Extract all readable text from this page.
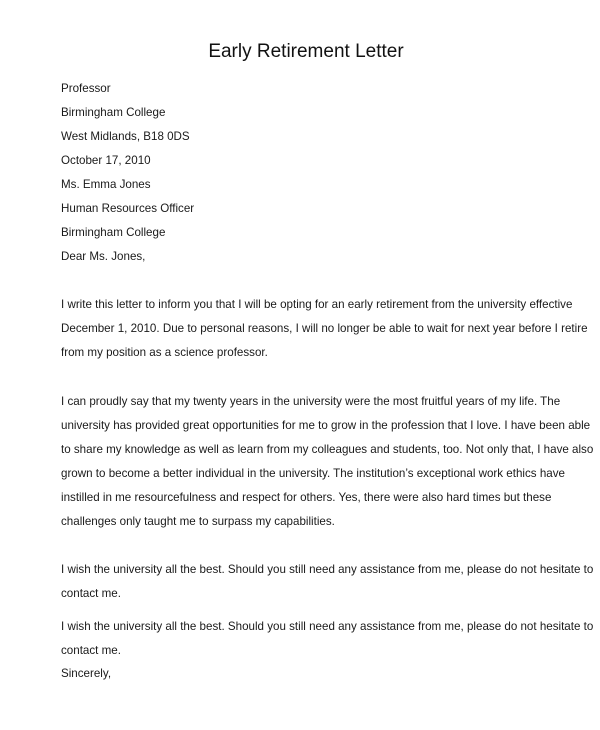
Early Retirement Letter
Professor
Birmingham College
West Midlands, B18 0DS
October 17, 2010
Ms. Emma Jones
Human Resources Officer
Birmingham College
Dear Ms. Jones,
I write this letter to inform you that I will be opting for an early retirement from the university effective
December 1, 2010. Due to personal reasons, I will no longer be able to wait for next year before I retire
from my position as a science professor.
I can proudly say that my twenty years in the university were the most fruitful years of my life. The
university has provided great opportunities for me to grow in the profession that I love. I have been able
to share my knowledge as well as learn from my colleagues and students, too. Not only that, I have also
grown to become a better individual in the university. The institution’s exceptional work ethics have
instilled in me resourcefulness and respect for others. Yes, there were also hard times but these
challenges only taught me to surpass my capabilities.
I wish the university all the best. Should you still need any assistance from me, please do not hesitate to
contact me.
I wish the university all the best. Should you still need any assistance from me, please do not hesitate to
contact me.
Sincerely,
